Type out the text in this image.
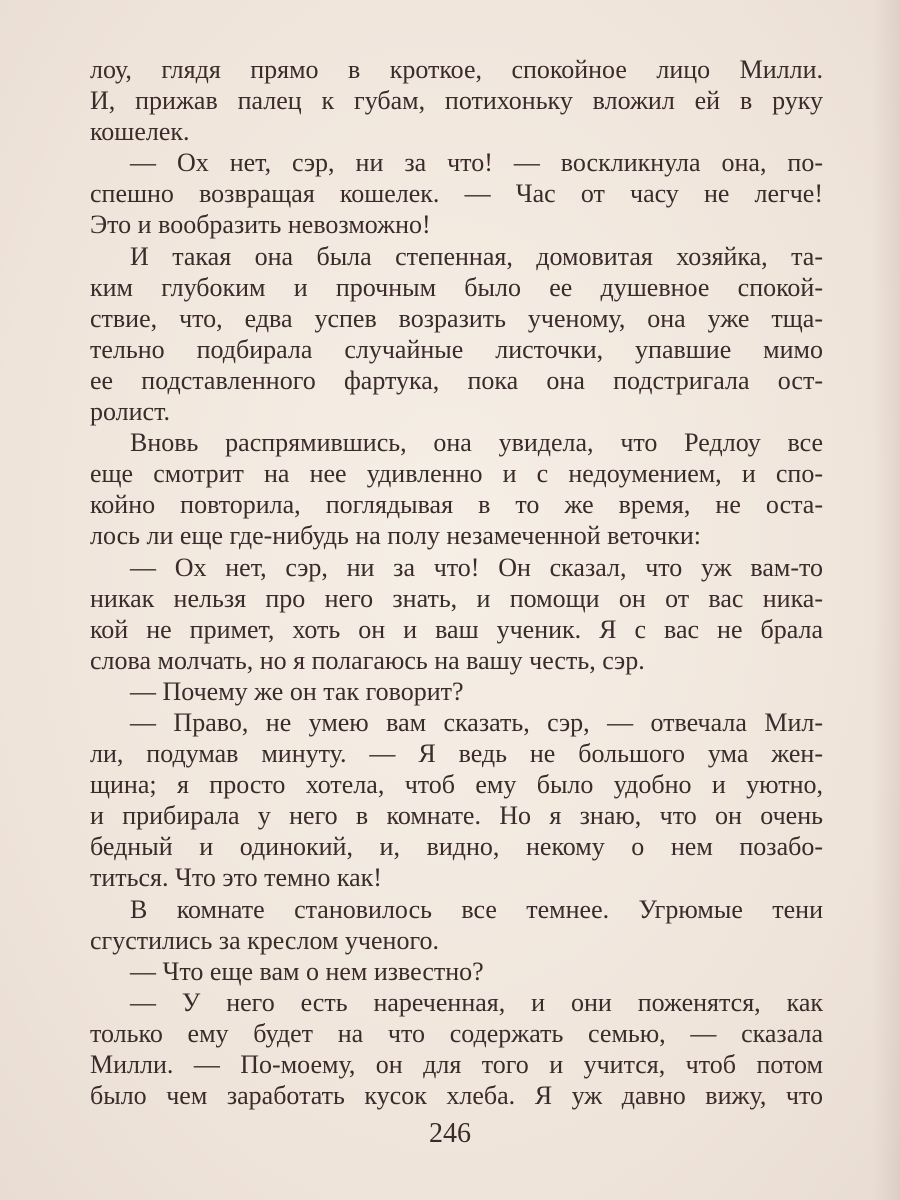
лоу, глядя прямо в кроткое, спокойное лицо Милли.
И, прижав палец к губам, потихоньку вложил ей в руку
кошелек.
— Ох нет, сэр, ни за что! — воскликнула она, по-
спешно возвращая кошелек. — Час от часу не легче!
Это и вообразить невозможно!
И такая она была степенная, домовитая хозяйка, та-
ким глубоким и прочным было ее душевное спокой-
ствие, что, едва успев возразить ученому, она уже тща-
тельно подбирала случайные листочки, упавшие мимо
ее подставленного фартука, пока она подстригала ост-
ролист.
Вновь распрямившись, она увидела, что Редлоу все
еще смотрит на нее удивленно и с недоумением, и спо-
койно повторила, поглядывая в то же время, не оста-
лось ли еще где-нибудь на полу незамеченной веточки:
— Ох нет, сэр, ни за что! Он сказал, что уж вам-то
никак нельзя про него знать, и помощи он от вас ника-
кой не примет, хоть он и ваш ученик. Я с вас не брала
слова молчать, но я полагаюсь на вашу честь, сэр.
— Почему же он так говорит?
— Право, не умею вам сказать, сэр, — отвечала Мил-
ли, подумав минуту. — Я ведь не большого ума жен-
щина; я просто хотела, чтоб ему было удобно и уютно,
и прибирала у него в комнате. Но я знаю, что он очень
бедный и одинокий, и, видно, некому о нем позабо-
титься. Что это темно как!
В комнате становилось все темнее. Угрюмые тени
сгустились за креслом ученого.
— Что еще вам о нем известно?
— У него есть нареченная, и они поженятся, как
только ему будет на что содержать семью, — сказала
Милли. — По-моему, он для того и учится, чтоб потом
было чем заработать кусок хлеба. Я уж давно вижу, что
246
